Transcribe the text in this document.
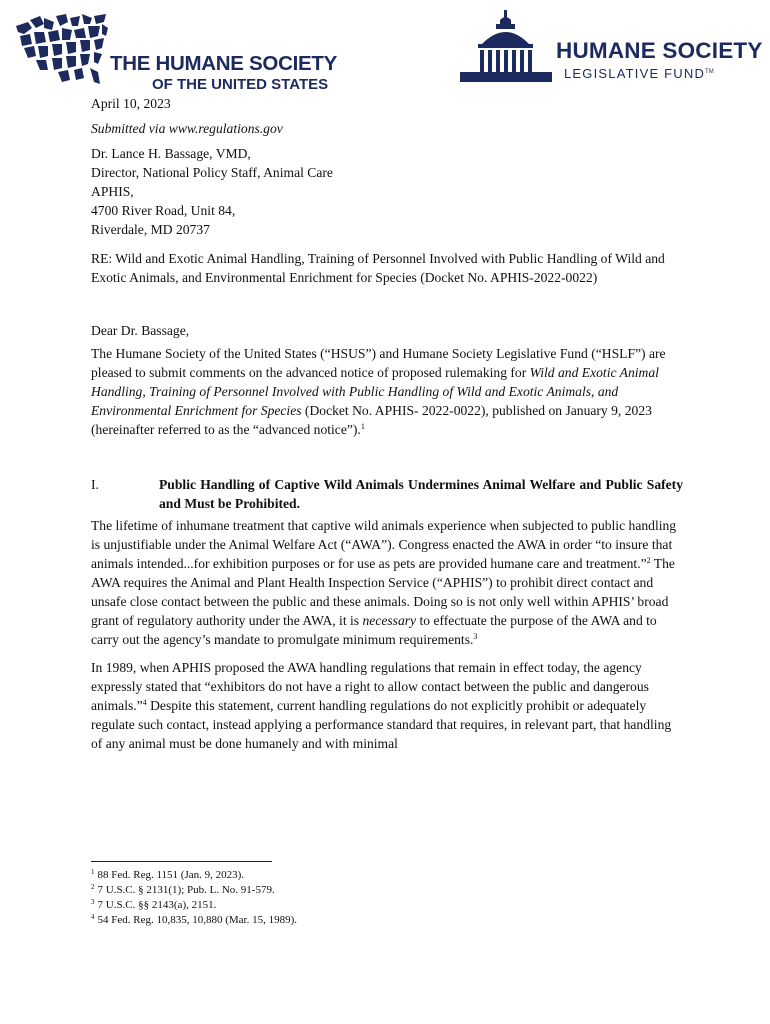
THE HUMANE SOCIETY
OF THE UNITED STATES
HUMANE SOCIETY
LEGISLATIVE FUND™

April 10, 2023

Submitted via www.regulations.gov

Dr. Lance H. Bassage, VMD,
Director, National Policy Staff, Animal Care
APHIS,
4700 River Road, Unit 84,
Riverdale, MD 20737

RE: Wild and Exotic Animal Handling, Training of Personnel Involved with Public Handling of Wild and Exotic Animals, and Environmental Enrichment for Species (Docket No. APHIS-2022-0022)

Dear Dr. Bassage,

The Humane Society of the United States (“HSUS”) and Humane Society Legislative Fund (“HSLF”) are pleased to submit comments on the advanced notice of proposed rulemaking for Wild and Exotic Animal Handling, Training of Personnel Involved with Public Handling of Wild and Exotic Animals, and Environmental Enrichment for Species (Docket No. APHIS- 2022-0022), published on January 9, 2023 (hereinafter referred to as the “advanced notice”).$^1$

I.	Public Handling of Captive Wild Animals Undermines Animal Welfare and Public Safety and Must be Prohibited.

The lifetime of inhumane treatment that captive wild animals experience when subjected to public handling is unjustifiable under the Animal Welfare Act (“AWA”). Congress enacted the AWA in order “to insure that animals intended...for exhibition purposes or for use as pets are provided humane care and treatment.”$^2$ The AWA requires the Animal and Plant Health Inspection Service (“APHIS”) to prohibit direct contact and unsafe close contact between the public and these animals. Doing so is not only well within APHIS’ broad grant of regulatory authority under the AWA, it is necessary to effectuate the purpose of the AWA and to carry out the agency’s mandate to promulgate minimum requirements.$^3$

In 1989, when APHIS proposed the AWA handling regulations that remain in effect today, the agency expressly stated that “exhibitors do not have a right to allow contact between the public and dangerous animals.”$^4$ Despite this statement, current handling regulations do not explicitly prohibit or adequately regulate such contact, instead applying a performance standard that requires, in relevant part, that handling of any animal must be done humanely and with minimal

$^1$ 88 Fed. Reg. 1151 (Jan. 9, 2023).
$^2$ 7 U.S.C. § 2131(1); Pub. L. No. 91-579.
$^3$ 7 U.S.C. §§ 2143(a), 2151.
$^4$ 54 Fed. Reg. 10,835, 10,880 (Mar. 15, 1989).
